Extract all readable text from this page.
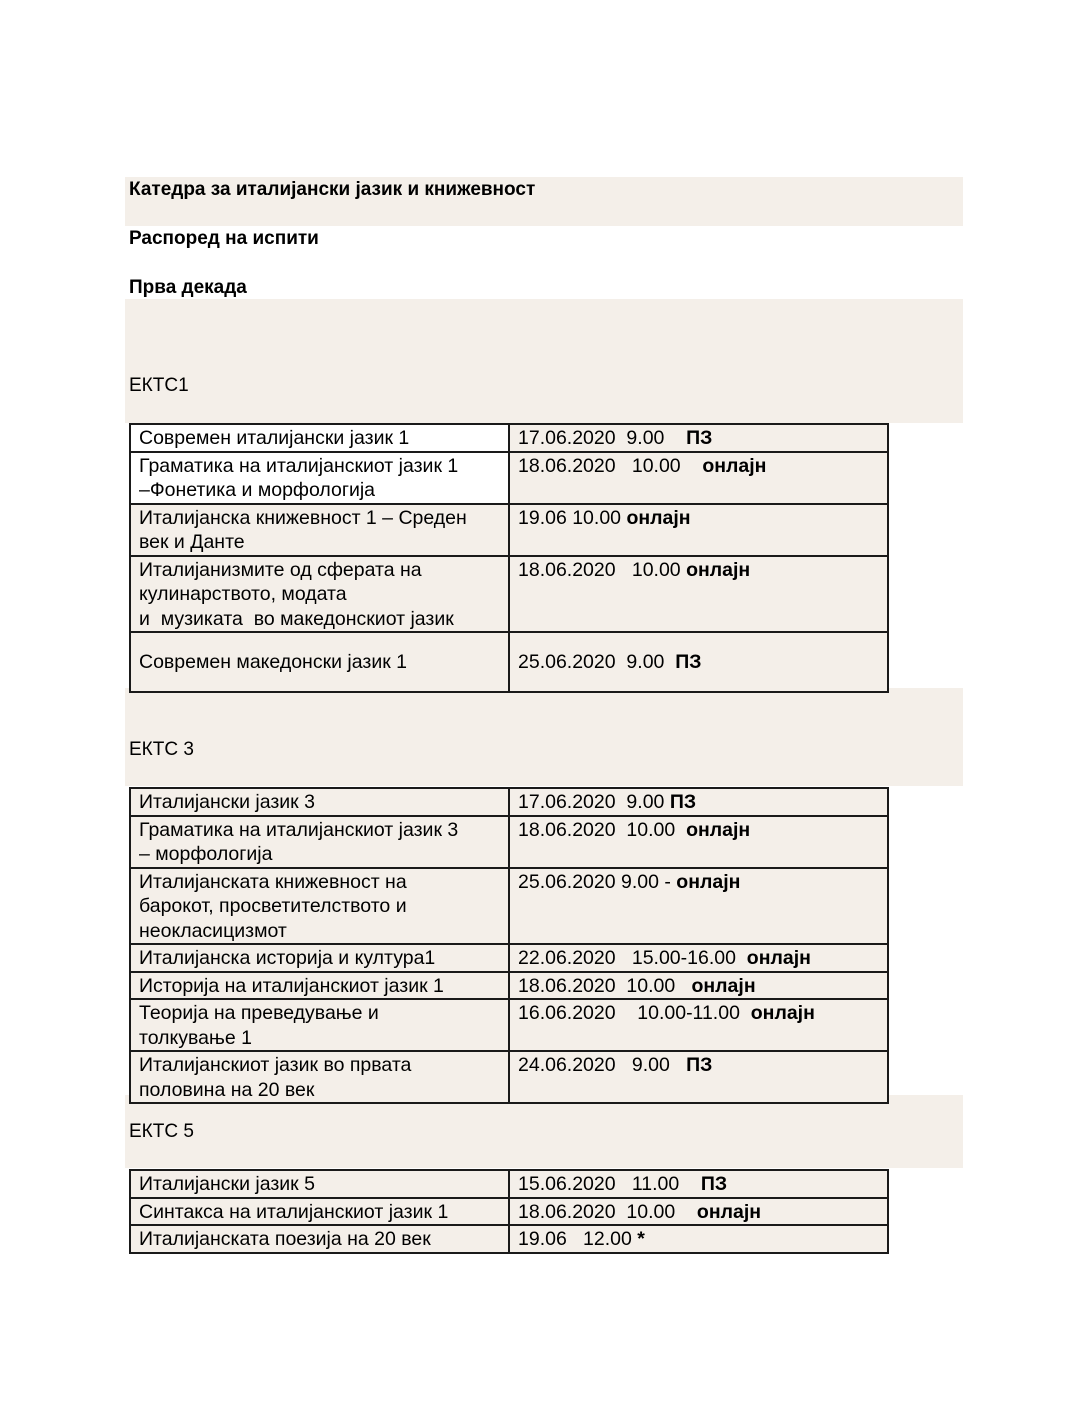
Катедра за италијански јазик и книжевност
Распоред на испити
Прва декада
ЕКТС1
Современ италијански јазик 1	17.06.2020  9.00    ПЗ
Граматика на италијанскиот јазик 1
–Фонетика и морфологија	18.06.2020   10.00    онлајн
Италијанска книжевност 1 – Среден
век и Данте	19.06 10.00 онлајн
Италијанизмите од сферата на
кулинарството, модата
и  музиката  во македонскиот јазик	18.06.2020   10.00 онлајн
Современ македонски јазик 1	25.06.2020  9.00  ПЗ
ЕКТС 3
Италијански јазик 3	17.06.2020  9.00 ПЗ
Граматика на италијанскиот јазик 3
– морфологија	18.06.2020  10.00  онлајн
Италијанската книжевност на
барокот, просветителството и
неокласицизмот	25.06.2020 9.00 - онлајн
Италијанска историја и култура1	22.06.2020   15.00-16.00  онлајн
Историја на италијанскиот јазик 1	18.06.2020  10.00   онлајн
Теорија на преведување и
толкување 1	16.06.2020    10.00-11.00  онлајн
Италијанскиот јазик во првата
половина на 20 век	24.06.2020   9.00   ПЗ
ЕКТС 5
Италијански јазик 5	15.06.2020   11.00    ПЗ
Синтакса на италијанскиот јазик 1	18.06.2020  10.00    онлајн
Италијанската поезија на 20 век	19.06   12.00 *
